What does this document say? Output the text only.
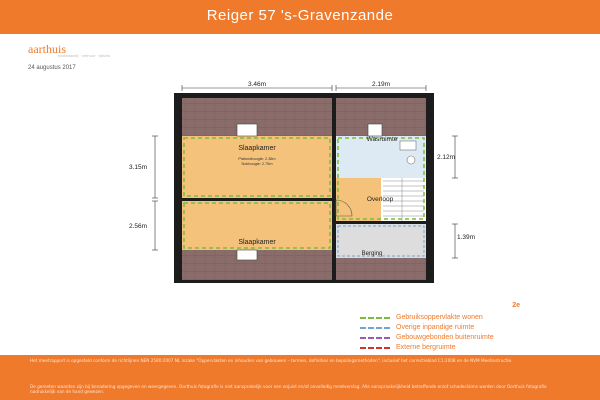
Reiger 57 's-Gravenzande
aarthuis
makelaardij · verhuur · advies
24 augustus 2017
Slaapkamer
Plafondhoogte: 2.36m
Nokhoogte: 2.75m
Slaapkamer
Wasruimte
Overloop
Berging
3.46m	2.19m
3.15m
2.56m
2.12m
1.39m
2e
Gebruiksoppervlakte wonen
Overige inpandige ruimte
Gebouwgebonden buitenruimte
Externe bergruimte
Het meetrapport is opgesteld conform de richtlijnen NEN 2580:2007 NL inzake "Oppervlakten en inhouden van gebouwen – termen, definities en bepalingsmethoden", inclusief het correctieblad C1:2008 en de NVM Meetinstructie.
De gemeten waarden zijn bij benadering opgegeven en weergegeven. Oorthuis fotografie is niet aansprakelijk voor een onjuist en/of onvolledig meetverslag. Alle aanspraakelijkheid betreffende en/of schadeclaims worden door Oorthuis fotografie nadrukkelijk van de hand gewezen.
